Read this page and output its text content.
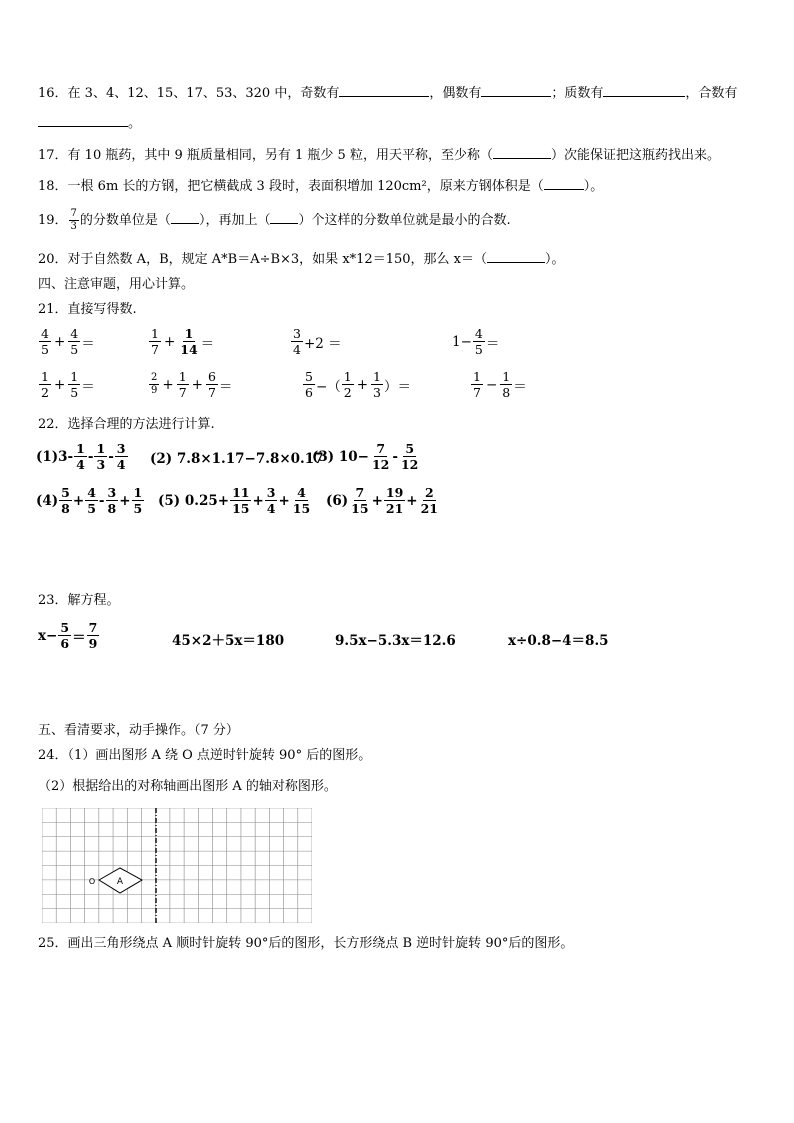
16．在 3、4、12、15、17、53、320 中，奇数有	，偶数有	；质数有	，合数有
。
17．有 10 瓶药，其中 9 瓶质量相同，另有 1 瓶少 5 粒，用天平称，至少称（	）次能保证把这瓶药找出来。
18．一根 6m 长的方钢，把它横截成 3 段时，表面积增加 120cm²，原来方钢体积是（	）。
19． $\frac{7}{3}$ 的分数单位是（ ），再加上（ ）个这样的分数单位就是最小的合数.
20．对于自然数 A，B，规定 A*B＝A÷B×3，如果 x*12＝150，那么 x＝（	）。
四、注意审题，用心计算。
21．直接写得数.
$\frac{4}{5} + \frac{4}{5}$ ＝	$\frac{1}{7} + \frac{1}{14}$ ＝	$\frac{3}{4} +2$ ＝	$1- \frac{4}{5}$ ＝
$\frac{1}{2} + \frac{1}{5}$ ＝	$\frac{2}{9} + \frac{1}{7} + \frac{6}{7}$ ＝	$\frac{5}{6}$ −（ $\frac{1}{2} + \frac{1}{3}$ ）＝	$\frac{1}{7} - \frac{1}{8}$ ＝
22．选择合理的方法进行计算.
$(1)3- \frac{1}{4} - \frac{1}{3} - \frac{3}{4} (2)$ 7.8×1.17−7.8×0.17
(3) $10- \frac{7}{12} - \frac{5}{12}$
$(4) \frac{5}{8} + \frac{4}{5} - \frac{3}{8} + \frac{1}{5} (5)$ $0.25+ \frac{11}{15} + \frac{3}{4} + \frac{4}{15} (6) \frac{7}{15} + \frac{19}{21} + \frac{2}{21}$
23．解方程。
$x- \frac{5}{6} = \frac{7}{9}$	45×2＋5x＝180	9.5x−5.3x＝12.6	x÷0.8−4＝8.5
五、看清要求，动手操作。（7 分）
24．（1）画出图形 A 绕 O 点逆时针旋转 90° 后的图形。
（2）根据给出的对称轴画出图形 A 的轴对称图形。
A
O
25．画出三角形绕点 A 顺时针旋转 90°后的图形，长方形绕点 B 逆时针旋转 90°后的图形。
